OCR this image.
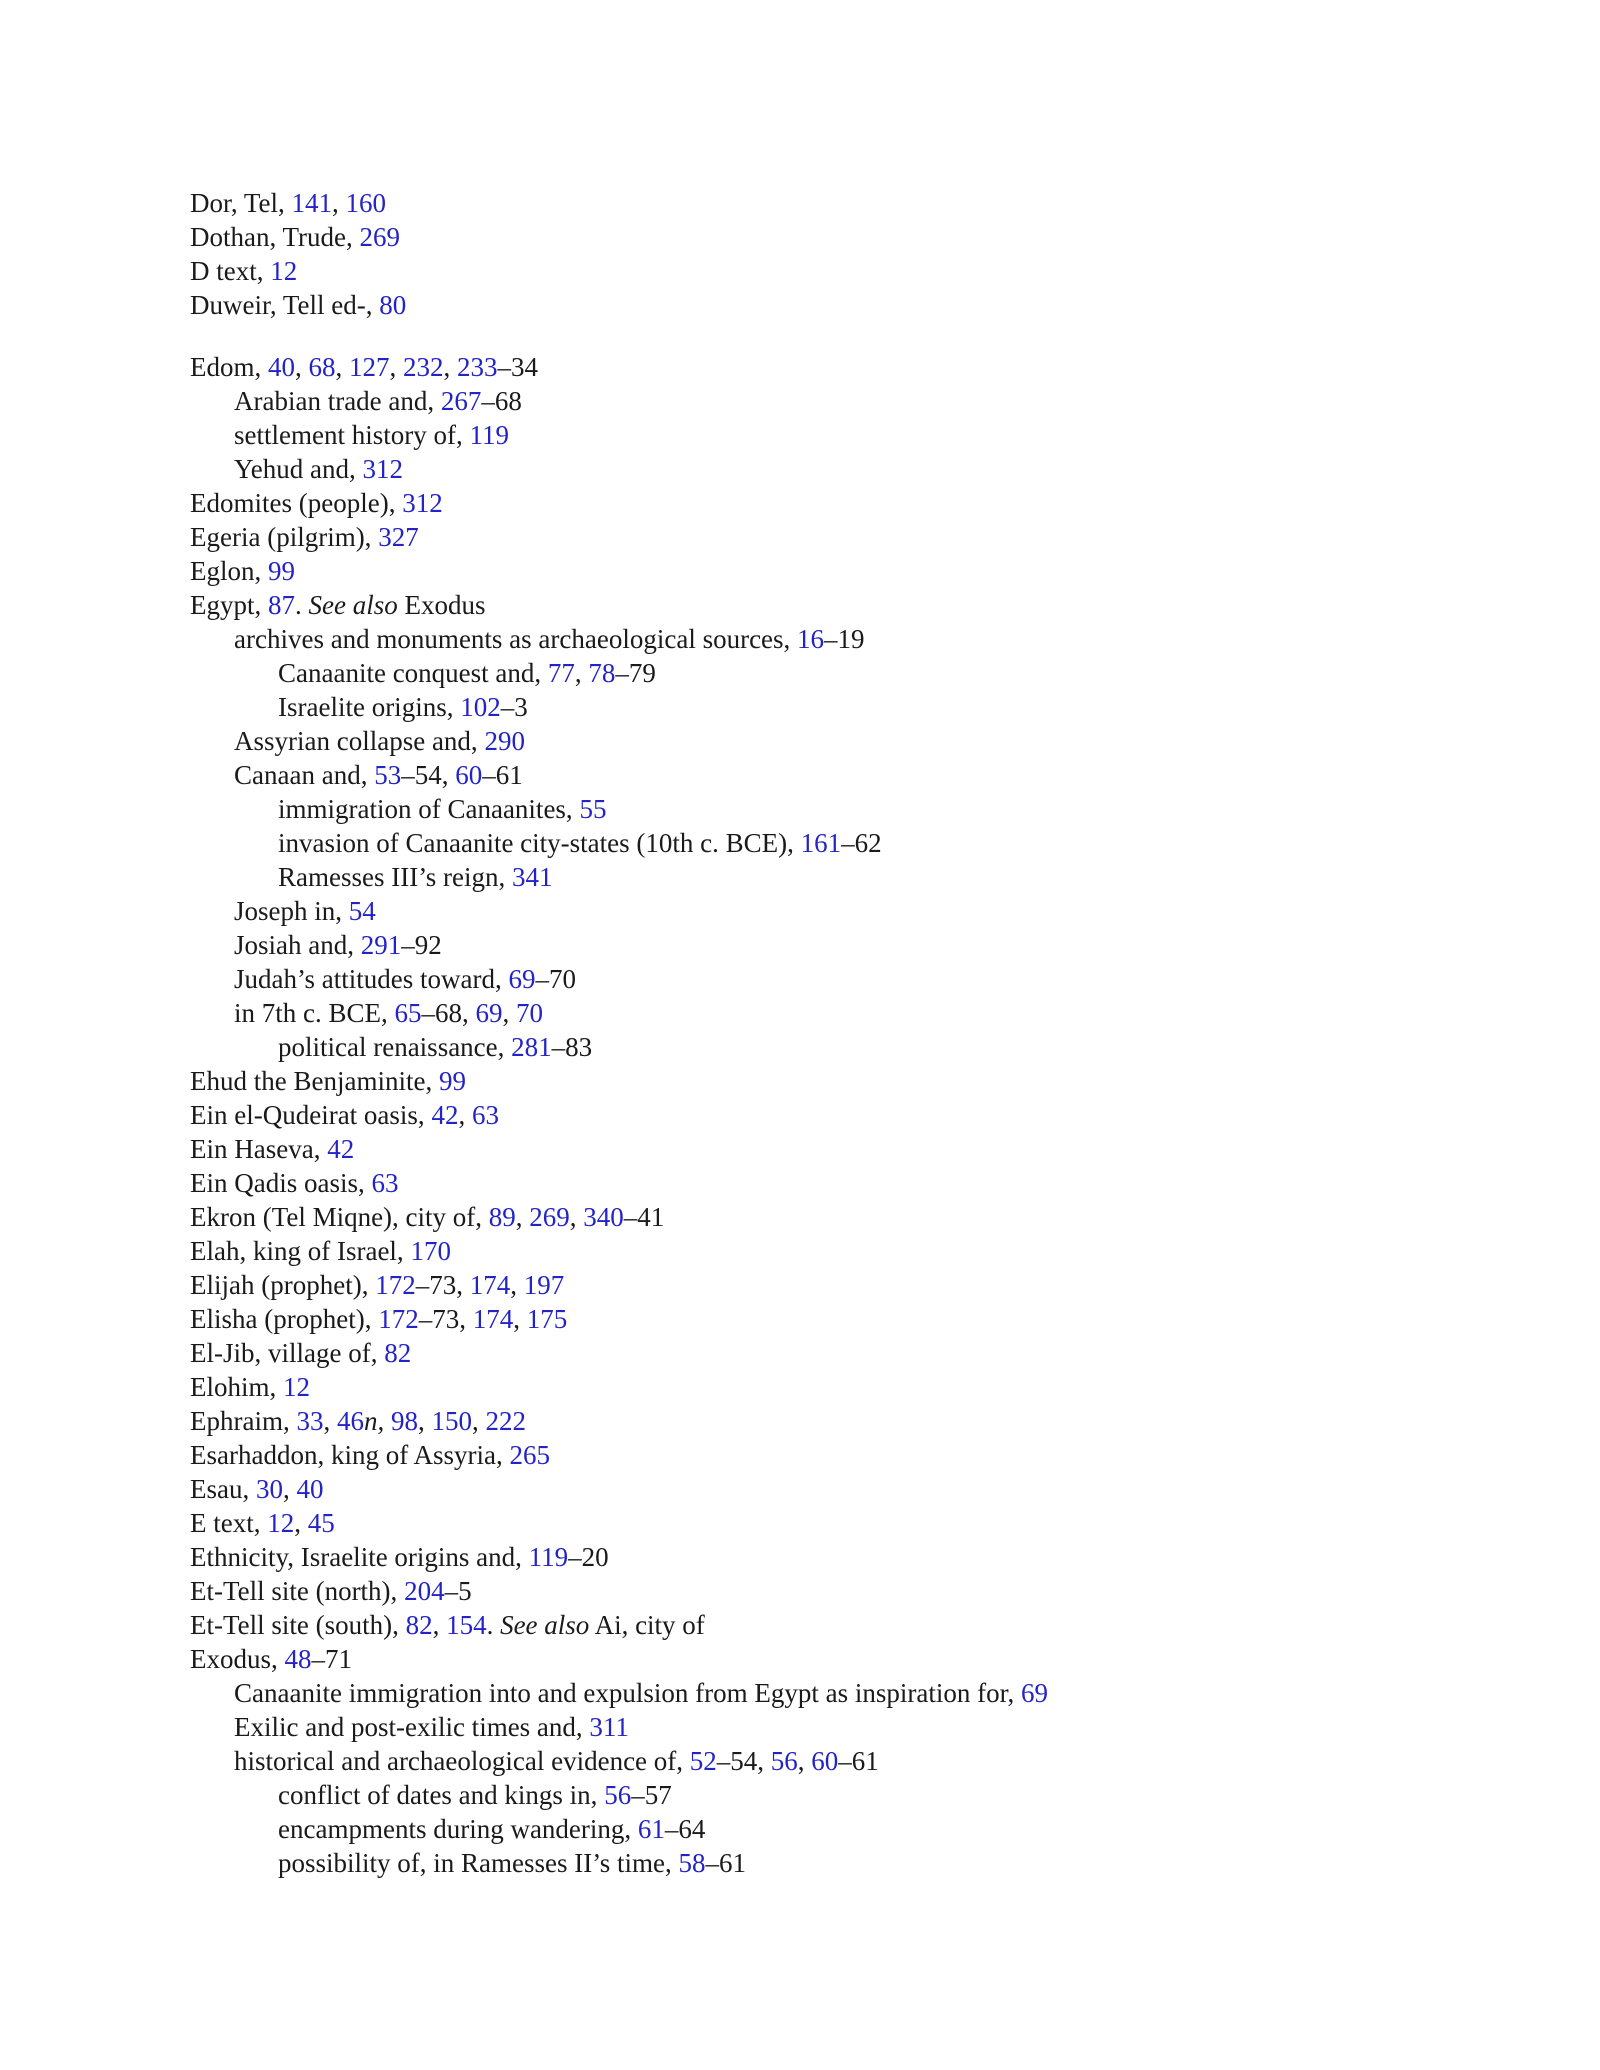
Dor, Tel, 141, 160
Dothan, Trude, 269
D text, 12
Duweir, Tell ed-, 80
Edom, 40, 68, 127, 232, 233–34
Arabian trade and, 267–68
settlement history of, 119
Yehud and, 312
Edomites (people), 312
Egeria (pilgrim), 327
Eglon, 99
Egypt, 87. See also Exodus
archives and monuments as archaeological sources, 16–19
Canaanite conquest and, 77, 78–79
Israelite origins, 102–3
Assyrian collapse and, 290
Canaan and, 53–54, 60–61
immigration of Canaanites, 55
invasion of Canaanite city-states (10th c. BCE), 161–62
Ramesses III’s reign, 341
Joseph in, 54
Josiah and, 291–92
Judah’s attitudes toward, 69–70
in 7th c. BCE, 65–68, 69, 70
political renaissance, 281–83
Ehud the Benjaminite, 99
Ein el-Qudeirat oasis, 42, 63
Ein Haseva, 42
Ein Qadis oasis, 63
Ekron (Tel Miqne), city of, 89, 269, 340–41
Elah, king of Israel, 170
Elijah (prophet), 172–73, 174, 197
Elisha (prophet), 172–73, 174, 175
El-Jib, village of, 82
Elohim, 12
Ephraim, 33, 46n, 98, 150, 222
Esarhaddon, king of Assyria, 265
Esau, 30, 40
E text, 12, 45
Ethnicity, Israelite origins and, 119–20
Et-Tell site (north), 204–5
Et-Tell site (south), 82, 154. See also Ai, city of
Exodus, 48–71
Canaanite immigration into and expulsion from Egypt as inspiration for, 69
Exilic and post-exilic times and, 311
historical and archaeological evidence of, 52–54, 56, 60–61
conflict of dates and kings in, 56–57
encampments during wandering, 61–64
possibility of, in Ramesses II’s time, 58–61
